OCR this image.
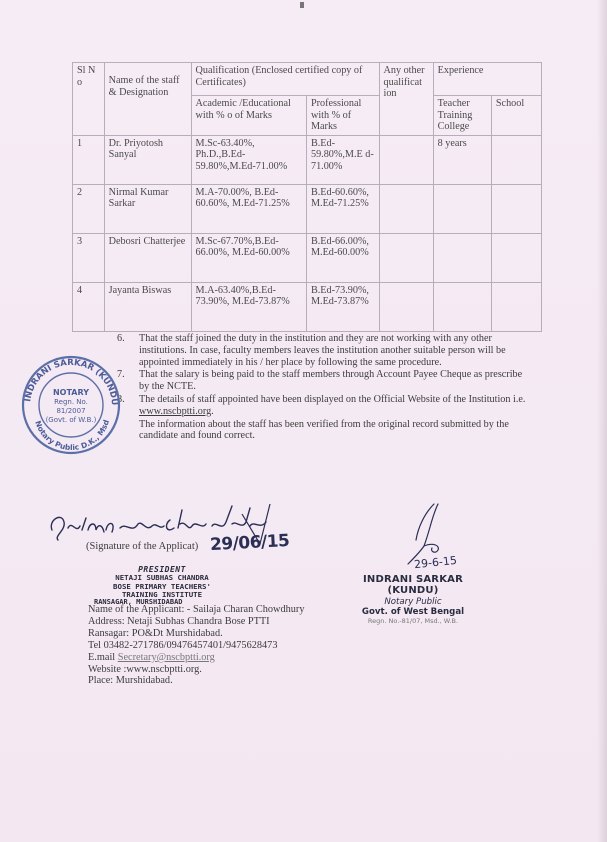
Sl N o	Name of the staff & Designation	Qualification (Enclosed certified copy of Certificates)		Any other qualificat ion	Experience	
		Academic /Educational with % o of Marks	Professional with % of Marks		Teacher Training College	School
1	Dr. Priyotosh Sanyal	M.Sc-63.40%, Ph.D.,B.Ed-59.80%,M.Ed-71.00%	B.Ed-59.80%,M.E d-71.00%		8 years	
2	Nirmal Kumar Sarkar	M.A-70.00%, B.Ed-60.60%, M.Ed-71.25%	B.Ed-60.60%, M.Ed-71.25%			
3	Debosri Chatterjee	M.Sc-67.70%,B.Ed-66.00%, M.Ed-60.00%	B.Ed-66.00%, M.Ed-60.00%			
4	Jayanta Biswas	M.A-63.40%,B.Ed-73.90%, M.Ed-73.87%	B.Ed-73.90%, M.Ed-73.87%			

6. That the staff joined the duty in the institution and they are not working with any other institutions. In case, faculty members leaves the institution another suitable person will be appointed immediately in his / her place by following the same procedure.

7. That the salary is being paid to the staff members through Account Payee Cheque as prescribe by the NCTE.

8. The details of staff appointed have been displayed on the Official Website of the Institution i.e. www.nscbptti.org.

The information about the staff has been verified from the original record submitted by the candidate and found correct.

INDRANI SARKAR (KUNDU
Notary Public D.K., Msd
NOTARY
Regn. No.
81/2007
(Govt. of W.B.)
(Signature of the Applicat) 29/06/15
PRESIDENT
NETAJI SUBHAS CHANDRA
BOSE PRIMARY TEACHERS'
TRAINING INSTITUTE
RANSAGAR, MURSHIDABAD
Name of the Applicant: - Sailaja Charan Chowdhury
Address: Netaji Subhas Chandra Bose PTTI
Ransagar: PO&Dt Murshidabad.
Tel 03482-271786/09476457401/9475628473
E.mail Secretary@nscbptti.org
Website :www.nscbptti.org.
Place: Murshidabad.
29-6-15
INDRANI SARKAR (KUNDU)
Notary Public
Govt. of West Bengal
Regn. No.-81/07, Msd., W.B.
